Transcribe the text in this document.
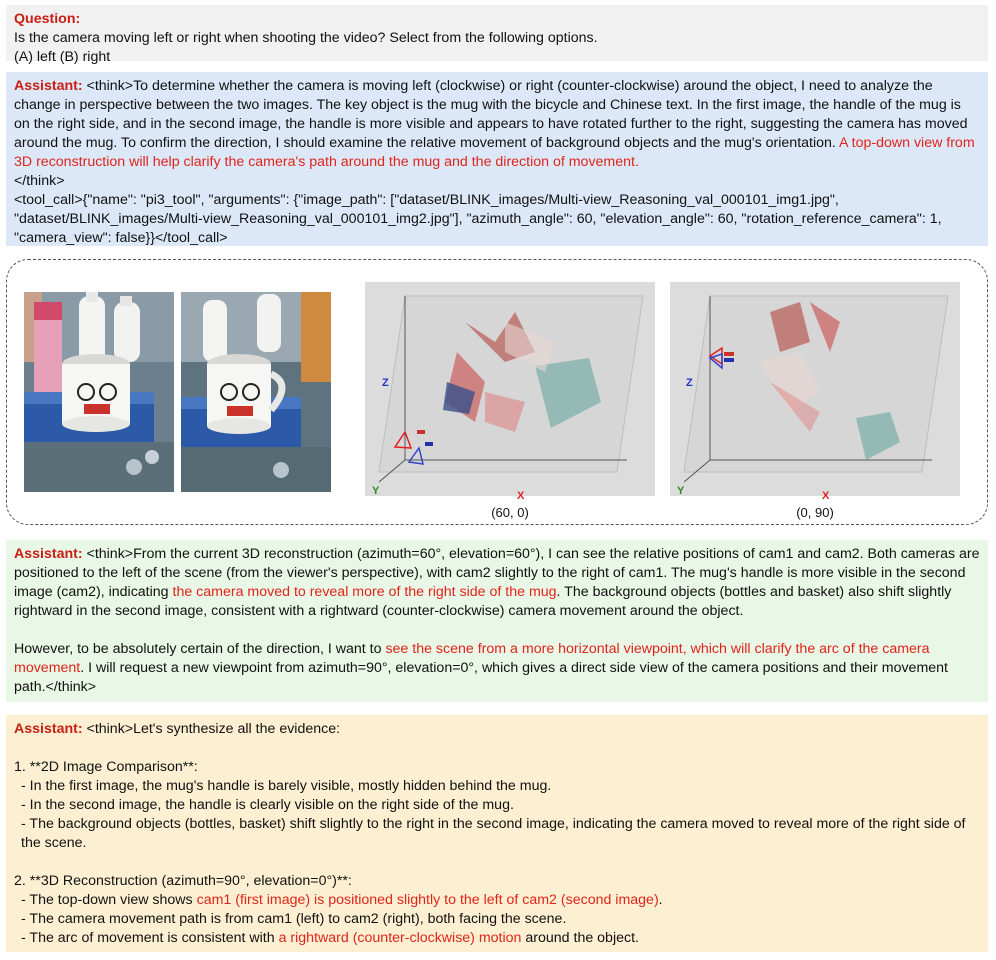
Question:

Is the camera moving left or right when shooting the video? Select from the following options.

(A) left (B) right

Assistant: <think>To determine whether the camera is moving left (clockwise) or right (counter-clockwise) around the object, I need to analyze the change in perspective between the two images. The key object is the mug with the bicycle and Chinese text. In the first image, the handle of the mug is on the right side, and in the second image, the handle is more visible and appears to have rotated further to the right, suggesting the camera has moved around the mug. To confirm the direction, I should examine the relative movement of background objects and the mug's orientation. A top-down view from 3D reconstruction will help clarify the camera's path around the mug and the direction of movement.

</think>

<tool_call>{"name": "pi3_tool", "arguments": {"image_path": ["dataset/BLINK_images/Multi-view_Reasoning_val_000101_img1.jpg", "dataset/BLINK_images/Multi-view_Reasoning_val_000101_img2.jpg"], "azimuth_angle": 60, "elevation_angle": 60, "rotation_reference_camera": 1, "camera_view": false}}</tool_call>

Z
Y	X
(60, 0)
Z
Y	X
(0, 90)

Assistant: <think>From the current 3D reconstruction (azimuth=60°, elevation=60°), I can see the relative positions of cam1 and cam2. Both cameras are positioned to the left of the scene (from the viewer's perspective), with cam2 slightly to the right of cam1. The mug's handle is more visible in the second image (cam2), indicating the camera moved to reveal more of the right side of the mug. The background objects (bottles and basket) also shift slightly rightward in the second image, consistent with a rightward (counter-clockwise) camera movement around the object.

However, to be absolutely certain of the direction, I want to see the scene from a more horizontal viewpoint, which will clarify the arc of the camera movement. I will request a new viewpoint from azimuth=90°, elevation=0°, which gives a direct side view of the camera positions and their movement path.</think>

Assistant: <think>Let's synthesize all the evidence:

1. **2D Image Comparison**:

- In the first image, the mug's handle is barely visible, mostly hidden behind the mug.

- In the second image, the handle is clearly visible on the right side of the mug.

- The background objects (bottles, basket) shift slightly to the right in the second image, indicating the camera moved to reveal more of the right side of the scene.

2. **3D Reconstruction (azimuth=90°, elevation=0°)**:

- The top-down view shows cam1 (first image) is positioned slightly to the left of cam2 (second image).

- The camera movement path is from cam1 (left) to cam2 (right), both facing the scene.

- The arc of movement is consistent with a rightward (counter-clockwise) motion around the object.
